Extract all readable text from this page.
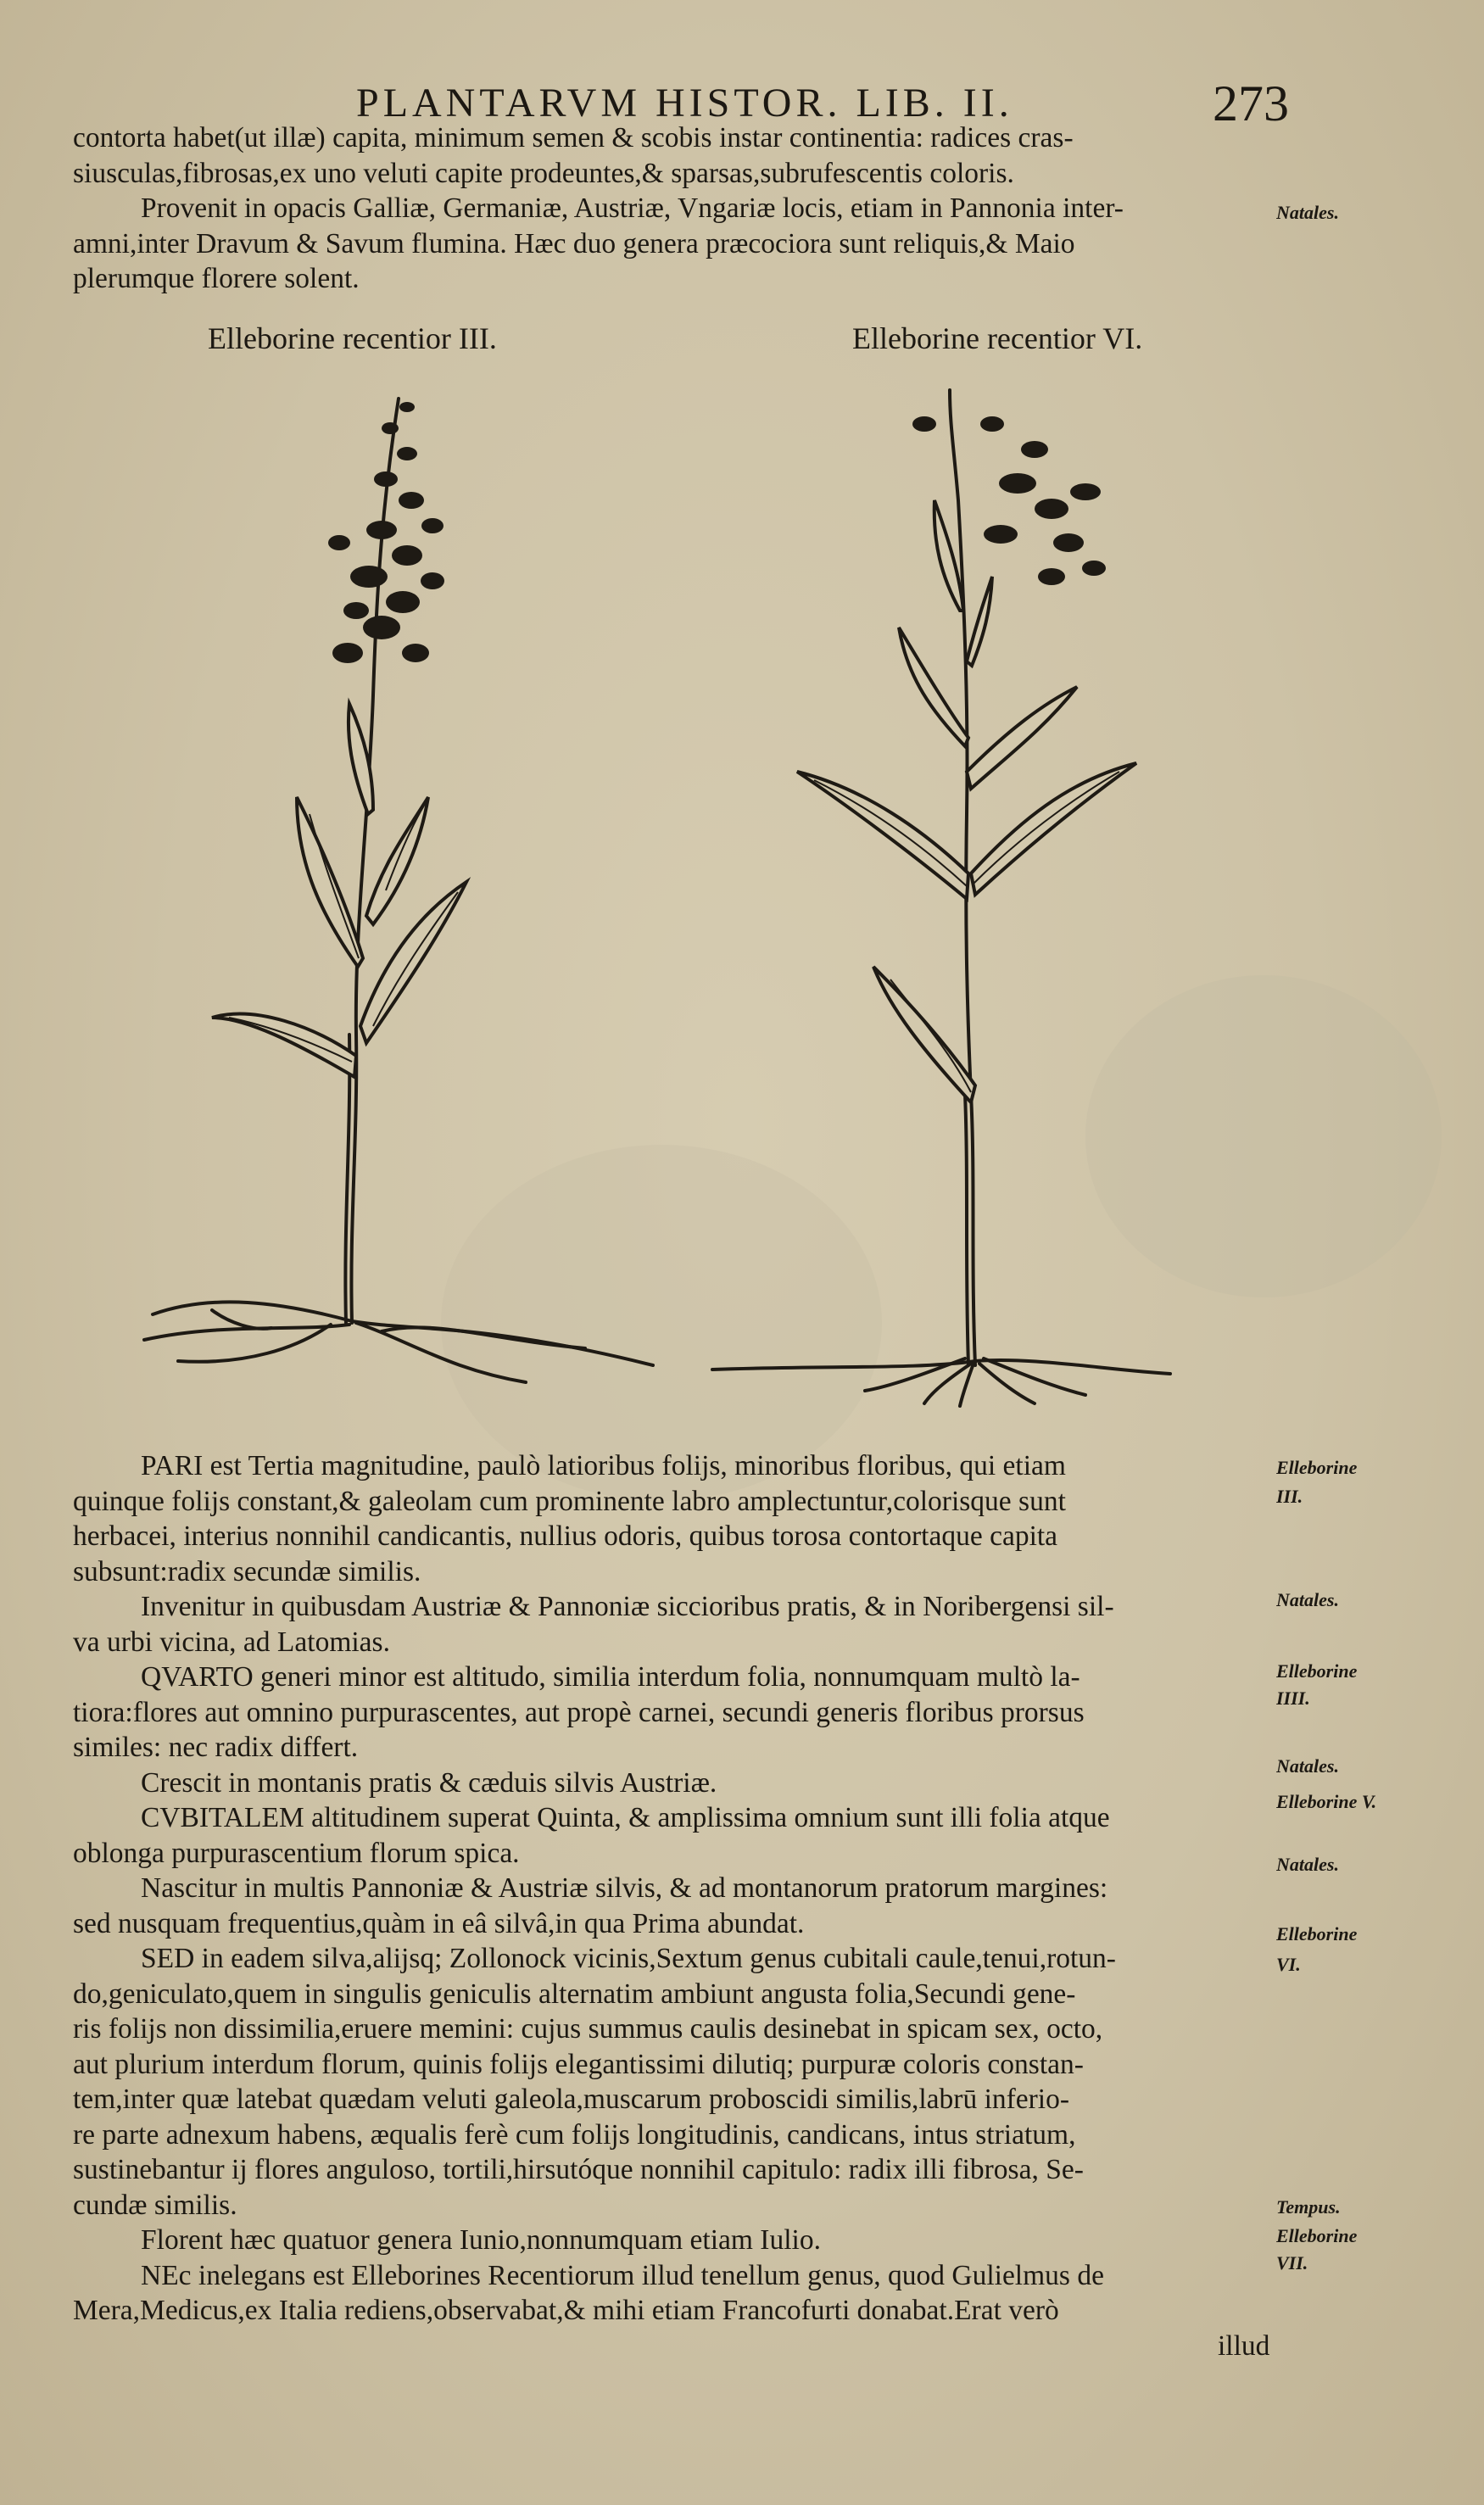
PLANTARVM HISTOR. LIB. II.	273
contorta habet(ut illæ) capita, minimum semen & scobis instar continentia: radices cras-
siusculas,fibrosas,ex uno veluti capite prodeuntes,& sparsas,subrufescentis coloris.
Provenit in opacis Galliæ, Germaniæ, Austriæ, Vngariæ locis, etiam in Pannonia inter-
amni,inter Dravum & Savum flumina. Hæc duo genera præcociora sunt reliquis,& Maio
plerumque florere solent.
Natales.
Elleborine recentior III.	Elleborine recentior VI.
PARI est Tertia magnitudine, paulò latioribus folijs, minoribus floribus, qui etiam
quinque folijs constant,& galeolam cum prominente labro amplectuntur,colorisque sunt
herbacei, interius nonnihil candicantis, nullius odoris, quibus torosa contortaque capita
subsunt:radix secundæ similis.
Invenitur in quibusdam Austriæ & Pannoniæ siccioribus pratis, & in Noribergensi sil-
va urbi vicina, ad Latomias.
QVARTO generi minor est altitudo, similia interdum folia, nonnumquam multò la-
tiora:flores aut omnino purpurascentes, aut propè carnei, secundi generis floribus prorsus
similes: nec radix differt.
Crescit in montanis pratis & cæduis silvis Austriæ.
CVBITALEM altitudinem superat Quinta, & amplissima omnium sunt illi folia atque
oblonga purpurascentium florum spica.
Nascitur in multis Pannoniæ & Austriæ silvis, & ad montanorum pratorum margines:
sed nusquam frequentius,quàm in eâ silvâ,in qua Prima abundat.
SED in eadem silva,alijsq; Zollonock vicinis,Sextum genus cubitali caule,tenui,rotun-
do,geniculato,quem in singulis geniculis alternatim ambiunt angusta folia,Secundi gene-
ris folijs non dissimilia,eruere memini: cujus summus caulis desinebat in spicam sex, octo,
aut plurium interdum florum, quinis folijs elegantissimi dilutiq; purpuræ coloris constan-
tem,inter quæ latebat quædam veluti galeola,muscarum proboscidi similis,labrū inferio-
re parte adnexum habens, æqualis ferè cum folijs longitudinis, candicans, intus striatum,
sustinebantur ij flores anguloso, tortili,hirsutóque nonnihil capitulo: radix illi fibrosa, Se-
cundæ similis.
Florent hæc quatuor genera Iunio,nonnumquam etiam Iulio.
NEc inelegans est Elleborines Recentiorum illud tenellum genus, quod Gulielmus de
Mera,Medicus,ex Italia rediens,observabat,& mihi etiam Francofurti donabat.Erat verò
illud
Elleborine
III.
Natales.
Elleborine
IIII.
Natales.
Elleborine V.
Natales.
Elleborine
VI.
Tempus.
Elleborine
VII.
